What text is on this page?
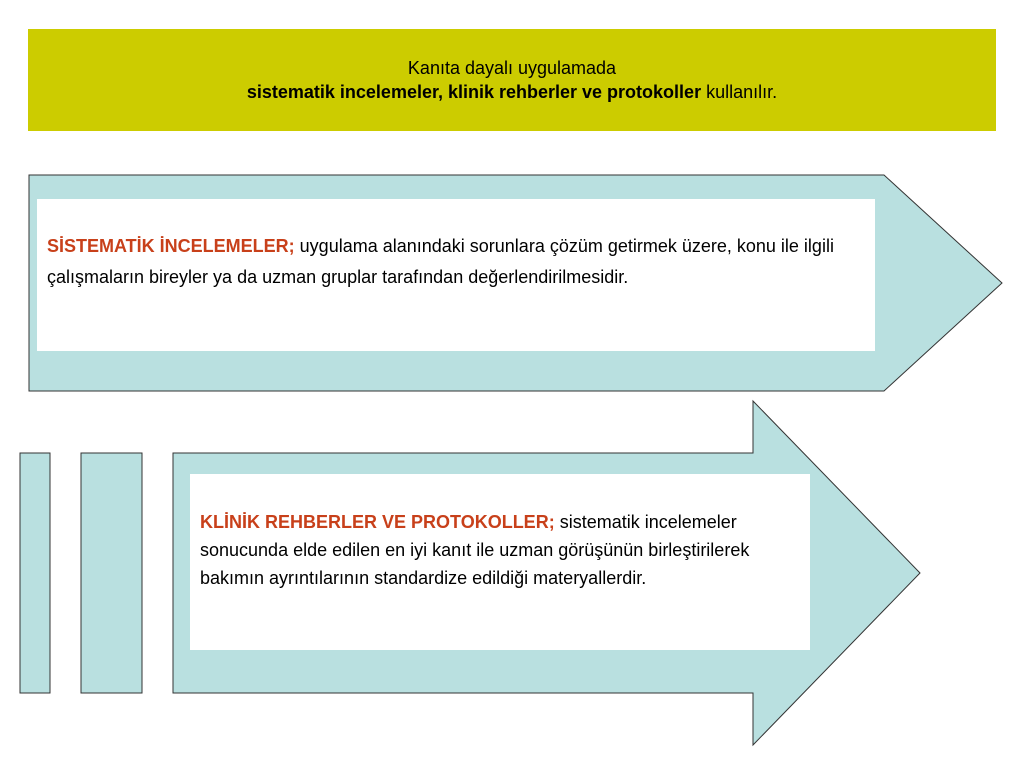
Kanıta dayalı uygulamada
sistematik incelemeler, klinik rehberler ve protokoller kullanılır.
SİSTEMATİK İNCELEMELER; uygulama alanındaki sorunlara çözüm getirmek üzere, konu ile ilgili çalışmaların bireyler ya da uzman gruplar tarafından değerlendirilmesidir.
KLİNİK REHBERLER VE PROTOKOLLER; sistematik incelemeler sonucunda elde edilen en iyi kanıt ile uzman görüşünün birleştirilerek bakımın ayrıntılarının standardize edildiği materyallerdir.
